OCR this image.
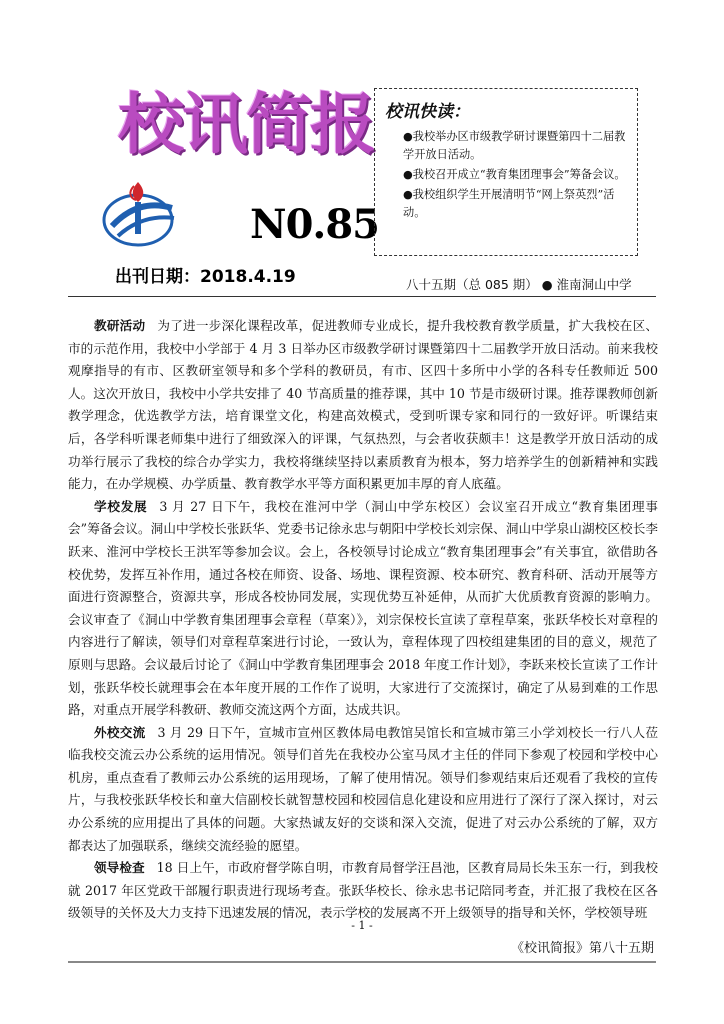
校讯简报
N0.85
出刊日期：2018.4.19

校讯快读：

●我校举办区市级教学研讨课暨第四十二届教学开放日活动。

●我校召开成立“教育集团理事会”筹备会议。

●我校组织学生开展清明节“网上祭英烈”活动。

八十五期（总 085 期） ● 淮南洞山中学

教研活动 为了进一步深化课程改革，促进教师专业成长，提升我校教育教学质量，扩大我校在区、市的示范作用，我校中小学部于 4 月 3 日举办区市级教学研讨课暨第四十二届教学开放日活动。前来我校观摩指导的有市、区教研室领导和多个学科的教研员，有市、区四十多所中小学的各科专任教师近 500 人。这次开放日，我校中小学共安排了 40 节高质量的推荐课，其中 10 节是市级研讨课。推荐课教师创新教学理念，优选教学方法，培育课堂文化，构建高效模式，受到听课专家和同行的一致好评。听课结束后，各学科听课老师集中进行了细致深入的评课，气氛热烈，与会者收获颇丰！这是教学开放日活动的成功举行展示了我校的综合办学实力，我校将继续坚持以素质教育为根本，努力培养学生的创新精神和实践能力，在办学规模、办学质量、教育教学水平等方面积累更加丰厚的育人底蕴。

学校发展 3 月 27 日下午，我校在淮河中学（洞山中学东校区）会议室召开成立“教育集团理事会”筹备会议。洞山中学校长张跃华、党委书记徐永忠与朝阳中学校长刘宗保、洞山中学泉山湖校区校长李跃来、淮河中学校长王洪军等参加会议。会上，各校领导讨论成立“教育集团理事会”有关事宜，欲借助各校优势，发挥互补作用，通过各校在师资、设备、场地、课程资源、校本研究、教育科研、活动开展等方面进行资源整合，资源共享，形成各校协同发展，实现优势互补延伸，从而扩大优质教育资源的影响力。会议审查了《洞山中学教育集团理事会章程（草案）》，刘宗保校长宣读了章程草案，张跃华校长对章程的内容进行了解读，领导们对章程草案进行讨论，一致认为，章程体现了四校组建集团的目的意义，规范了原则与思路。会议最后讨论了《洞山中学教育集团理事会 2018 年度工作计划》，李跃来校长宣读了工作计划，张跃华校长就理事会在本年度开展的工作作了说明，大家进行了交流探讨，确定了从易到难的工作思路，对重点开展学科教研、教师交流这两个方面，达成共识。

外校交流 3 月 29 日下午，宣城市宣州区教体局电教馆吴馆长和宣城市第三小学刘校长一行八人莅临我校交流云办公系统的运用情况。领导们首先在我校办公室马凤才主任的伴同下参观了校园和学校中心机房，重点查看了教师云办公系统的运用现场，了解了使用情况。领导们参观结束后还观看了我校的宣传片，与我校张跃华校长和童大信副校长就智慧校园和校园信息化建设和应用进行了深行了深入探讨，对云办公系统的应用提出了具体的问题。大家热诚友好的交谈和深入交流，促进了对云办公系统的了解，双方都表达了加强联系，继续交流经验的愿望。

领导检查 18 日上午，市政府督学陈自明，市教育局督学汪昌池，区教育局局长朱玉东一行，到我校就 2017 年区党政干部履行职责进行现场考查。张跃华校长、徐永忠书记陪同考查，并汇报了我校在区各级领导的关怀及大力支持下迅速发展的情况，表示学校的发展离不开上级领导的指导和关怀，学校领导班

- 1 -
《校讯简报》第八十五期
